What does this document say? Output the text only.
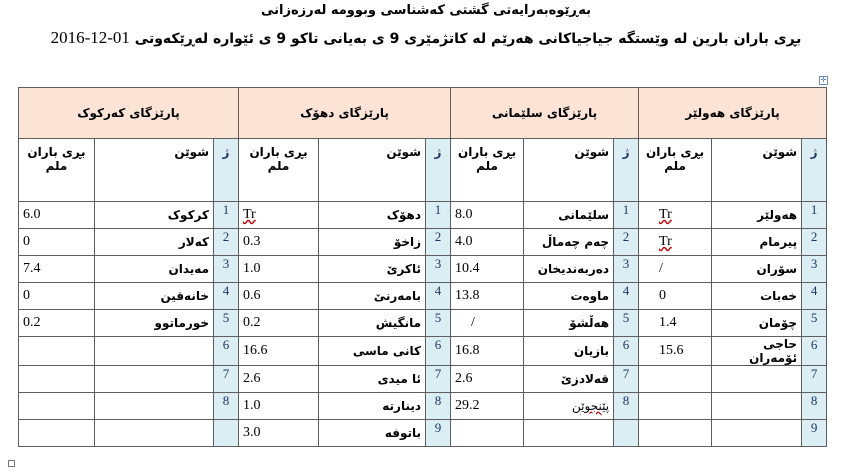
بەڕێوەبەرایەتی گشتی کەشناسی وبوومە لەرزەزانی
بڕی باران بارین لە وێستگە جیاجیاکانی هەرێم لە کاتژمێری 9 ی بەیانی تاکو 9 ی ئێوارە لەڕێکەوتی 2016-12-01
✛
پارێزگای هەولێر			پارێزگای سلێمانی			پارێزگای دهۆک			پارێزگای کەرکوک		
ژ	شوێن	بڕی باران ملم	ژ	شوێن	بڕی باران ملم	ژ	شوێن	بڕی باران ملم	ژ	شوێن	بڕی باران ملم
1	هەولێر	Tr	1	سلێمانی	8.0	1	دهۆک	Tr	1	کرکوک	6.0
2	پیرمام	Tr	2	چەم چەماڵ	4.0	2	زاخۆ	0.3	2	کەلار	0
3	سۆران	/	3	دەربەندیخان	10.4	3	ئاکرێ	1.0	3	مەیدان	7.4
4	خەبات	0	4	ماوەت	13.8	4	بامەرنێ	0.6	4	خانەقین	0
5	چۆمان	1.4	5	هەڵشۆ	/	5	مانگیش	0.2	5	خورماتوو	0.2
6	حاجی ئۆمەران	15.6	6	بازیان	16.8	6	کانی ماسی	16.6	6		
7			7	قەلادزێ	2.6	7	ئا میدی	2.6	7		
8			8	پێنجوێن	29.2	8	دینارتە	1.0	8		
9						9	باتوفە	3.0			
